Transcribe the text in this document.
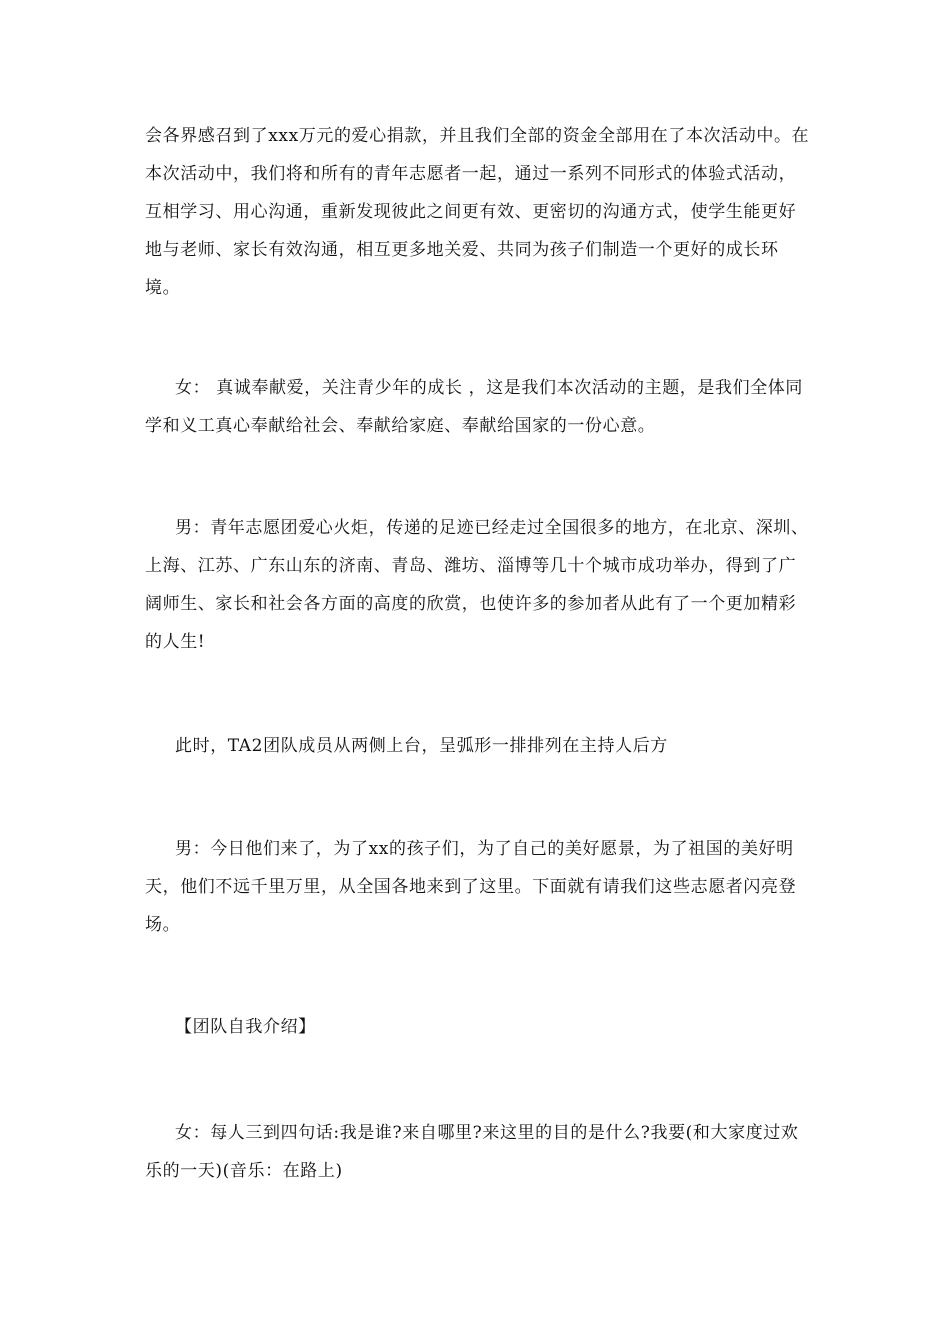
会各界感召到了xxx万元的爱心捐款，并且我们全部的资金全部用在了本次活动中。在本次活动中，我们将和所有的青年志愿者一起，通过一系列不同形式的体验式活动，互相学习、用心沟通，重新发现彼此之间更有效、更密切的沟通方式，使学生能更好地与老师、家长有效沟通，相互更多地关爱、共同为孩子们制造一个更好的成长环境。

女： 真诚奉献爱，关注青少年的成长 ，这是我们本次活动的主题，是我们全体同学和义工真心奉献给社会、奉献给家庭、奉献给国家的一份心意。

男：青年志愿团爱心火炬，传递的足迹已经走过全国很多的地方，在北京、深圳、上海、江苏、广东山东的济南、青岛、潍坊、淄博等几十个城市成功举办，得到了广阔师生、家长和社会各方面的高度的欣赏，也使许多的参加者从此有了一个更加精彩的人生!

此时，TA2团队成员从两侧上台，呈弧形一排排列在主持人后方

男：今日他们来了，为了xx的孩子们，为了自己的美好愿景，为了祖国的美好明天，他们不远千里万里，从全国各地来到了这里。下面就有请我们这些志愿者闪亮登场。

【团队自我介绍】

女：每人三到四句话:我是谁?来自哪里?来这里的目的是什么?我要(和大家度过欢乐的一天)(音乐：在路上)
